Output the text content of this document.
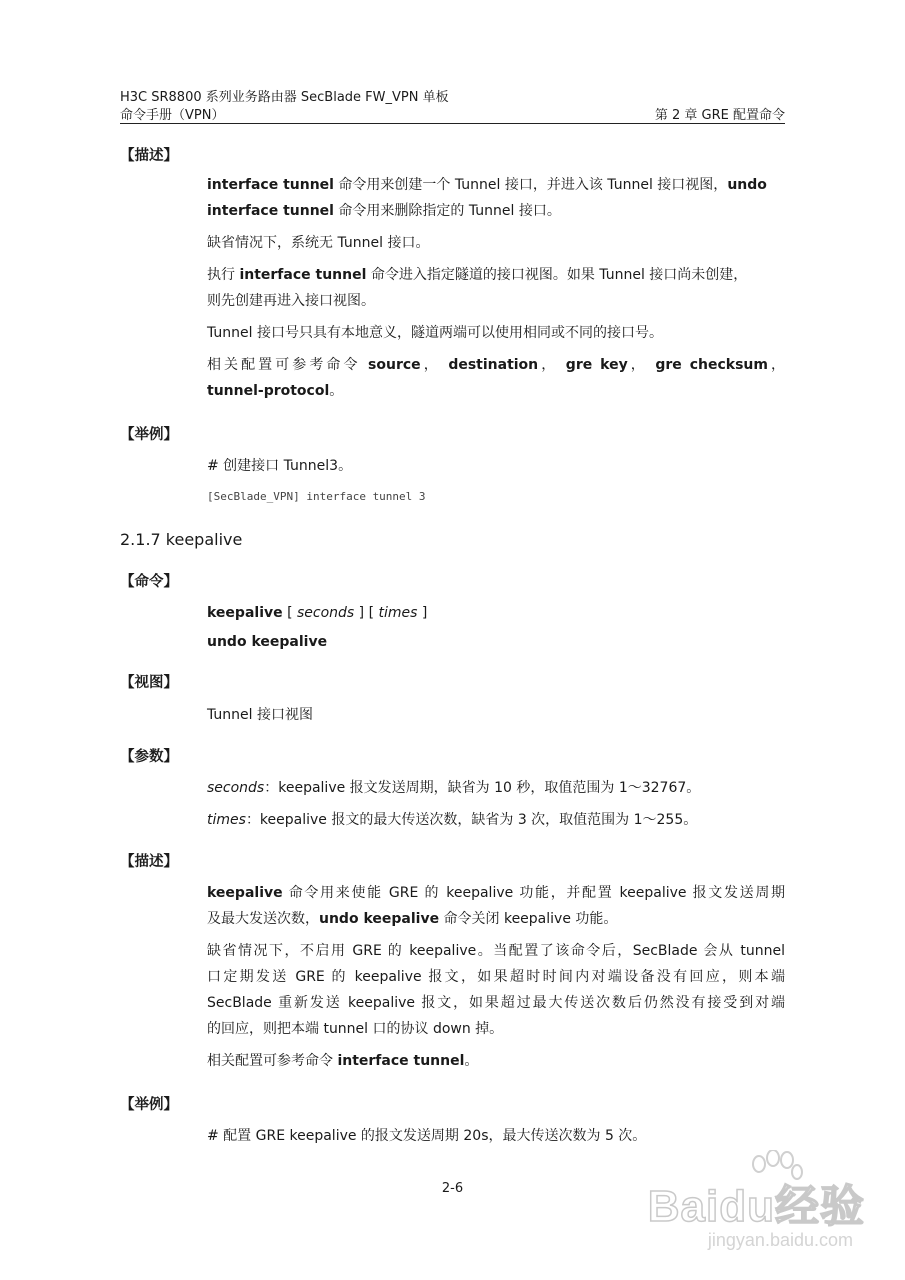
H3C SR8800 系列业务路由器 SecBlade FW_VPN 单板
命令手册（VPN）	第 2 章 GRE 配置命令
【描述】
interface tunnel 命令用来创建一个 Tunnel 接口，并进入该 Tunnel 接口视图，undo
interface tunnel 命令用来删除指定的 Tunnel 接口。
缺省情况下，系统无 Tunnel 接口。
执行 interface tunnel 命令进入指定隧道的接口视图。如果 Tunnel 接口尚未创建，
则先创建再进入接口视图。
Tunnel 接口号只具有本地意义，隧道两端可以使用相同或不同的接口号。
相关配置可参考命令 source， destination， gre key， gre checksum，
tunnel-protocol。
【举例】
# 创建接口 Tunnel3。
[SecBlade_VPN] interface tunnel 3
2.1.7 keepalive
【命令】
keepalive [ seconds ] [ times ]
undo keepalive
【视图】
Tunnel 接口视图
【参数】
seconds：keepalive 报文发送周期，缺省为 10 秒，取值范围为 1～32767。
times：keepalive 报文的最大传送次数，缺省为 3 次，取值范围为 1～255。
【描述】
keepalive 命令用来使能 GRE 的 keepalive 功能，并配置 keepalive 报文发送周期
及最大发送次数，undo keepalive 命令关闭 keepalive 功能。
缺省情况下，不启用 GRE 的 keepalive。当配置了该命令后，SecBlade 会从 tunnel
口定期发送 GRE 的 keepalive 报文，如果超时时间内对端设备没有回应，则本端
SecBlade 重新发送 keepalive 报文，如果超过最大传送次数后仍然没有接受到对端
的回应，则把本端 tunnel 口的协议 down 掉。
相关配置可参考命令 interface tunnel。
【举例】
# 配置 GRE keepalive 的报文发送周期 20s，最大传送次数为 5 次。
2-6	Baidu经验
jingyan.baidu.com
